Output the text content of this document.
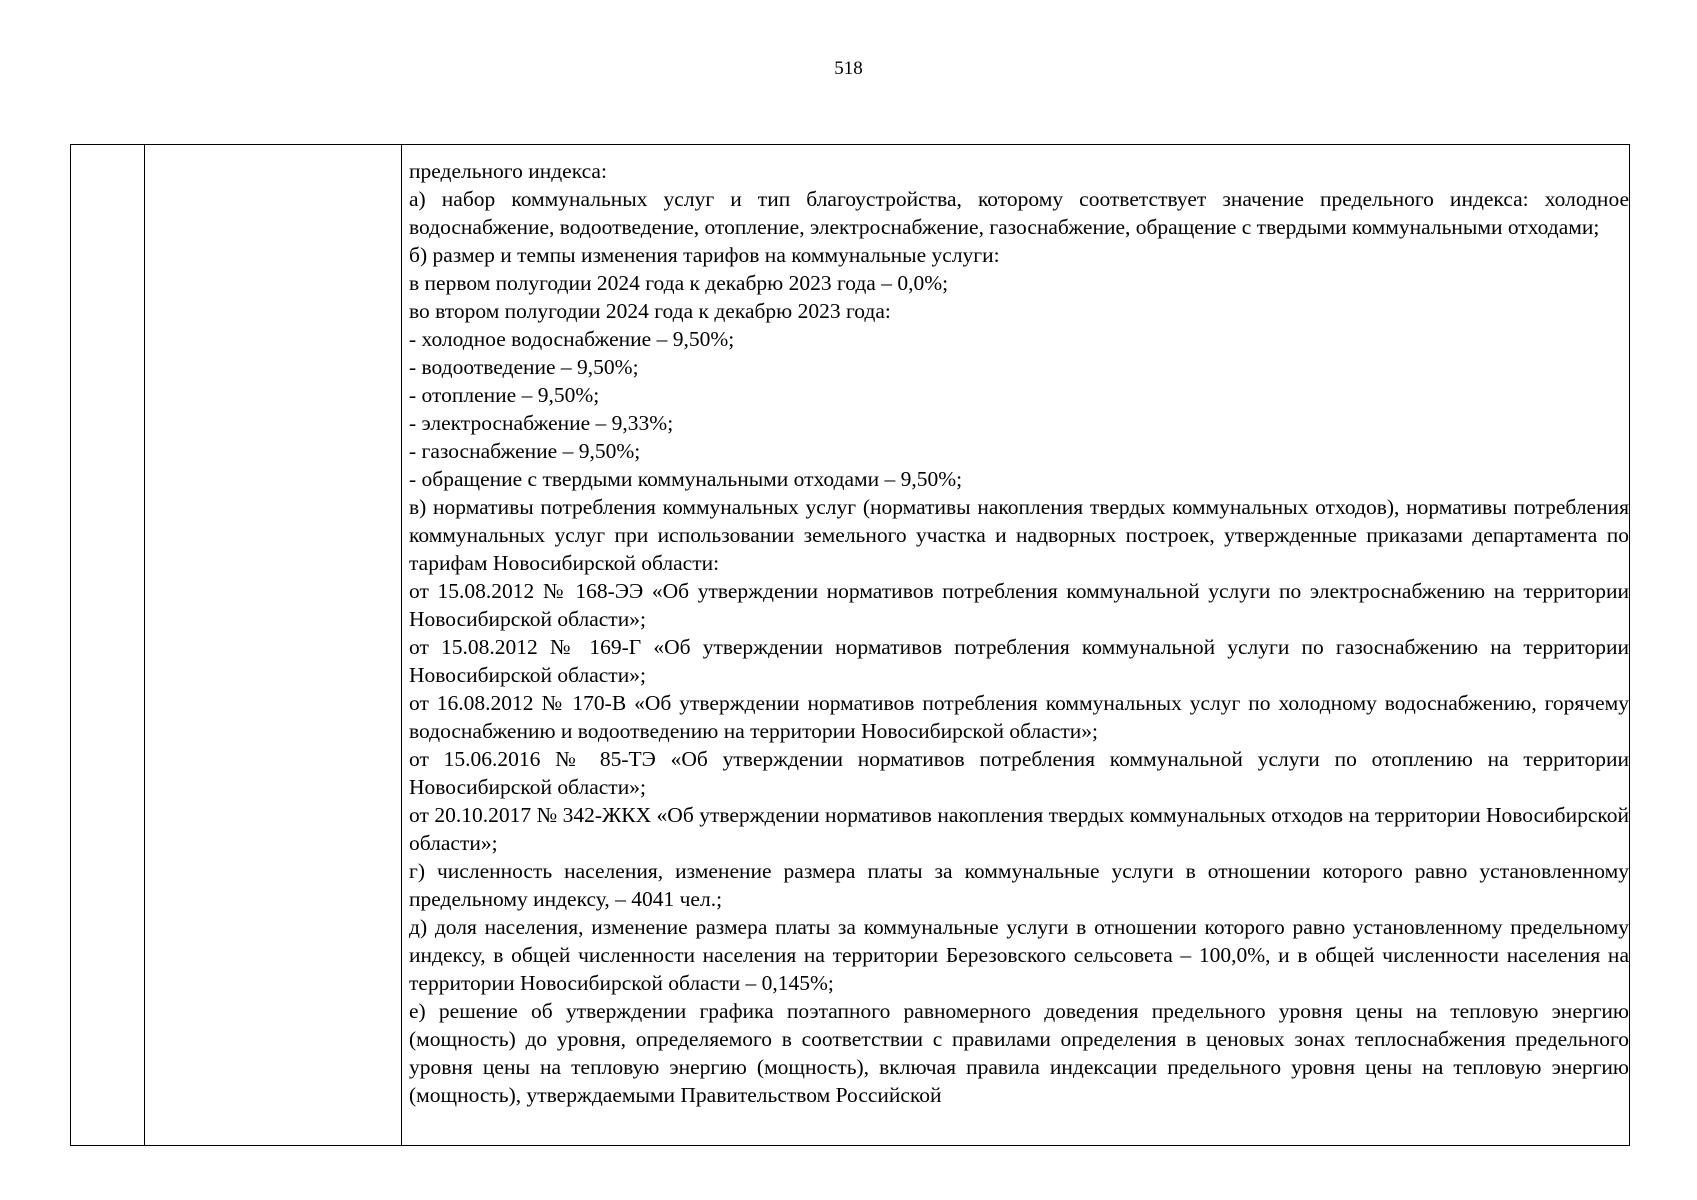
518

предельного индекса:

а) набор коммунальных услуг и тип благоустройства, которому соответствует значение предельного индекса: холодное водоснабжение, водоотведение, отопление, электроснабжение, газоснабжение, обращение с твердыми коммунальными отходами;

б) размер и темпы изменения тарифов на коммунальные услуги:

в первом полугодии 2024 года к декабрю 2023 года – 0,0%;

во втором полугодии 2024 года к декабрю 2023 года:

- холодное водоснабжение – 9,50%;

- водоотведение – 9,50%;

- отопление – 9,50%;

- электроснабжение – 9,33%;

- газоснабжение – 9,50%;

- обращение с твердыми коммунальными отходами – 9,50%;

в) нормативы потребления коммунальных услуг (нормативы накопления твердых коммунальных отходов), нормативы потребления коммунальных услуг при использовании земельного участка и надворных построек, утвержденные приказами департамента по тарифам Новосибирской области:

от 15.08.2012 № 168-ЭЭ «Об утверждении нормативов потребления коммунальной услуги по электроснабжению на территории Новосибирской области»;

от 15.08.2012 № 169-Г «Об утверждении нормативов потребления коммунальной услуги по газоснабжению на территории Новосибирской области»;

от 16.08.2012 № 170-В «Об утверждении нормативов потребления коммунальных услуг по холодному водоснабжению, горячему водоснабжению и водоотведению на территории Новосибирской области»;

от 15.06.2016 № 85-ТЭ «Об утверждении нормативов потребления коммунальной услуги по отоплению на территории Новосибирской области»;

от 20.10.2017 № 342-ЖКХ «Об утверждении нормативов накопления твердых коммунальных отходов на территории Новосибирской области»;

г) численность населения, изменение размера платы за коммунальные услуги в отношении которого равно установленному предельному индексу, – 4041 чел.;

д) доля населения, изменение размера платы за коммунальные услуги в отношении которого равно установленному предельному индексу, в общей численности населения на территории Березовского сельсовета – 100,0%, и в общей численности населения на территории Новосибирской области – 0,145%;

е) решение об утверждении графика поэтапного равномерного доведения предельного уровня цены на тепловую энергию (мощность) до уровня, определяемого в соответствии с правилами определения в ценовых зонах теплоснабжения предельного уровня цены на тепловую энергию (мощность), включая правила индексации предельного уровня цены на тепловую энергию (мощность), утверждаемыми Правительством Российской
